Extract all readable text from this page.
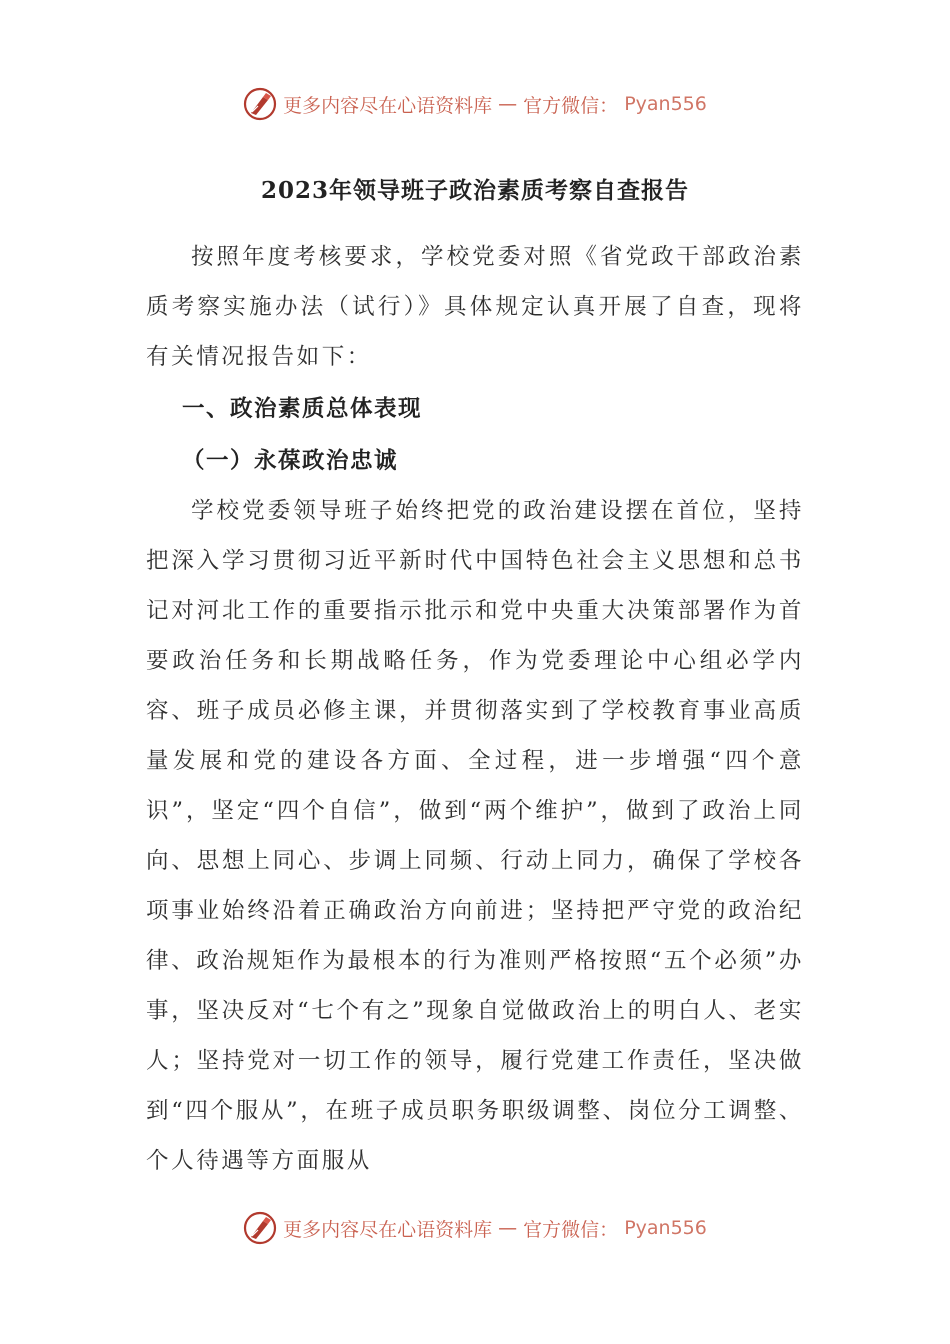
更多内容尽在心语资料库 — 官方微信： Pyan556
2023年领导班子政治素质考察自查报告

按照年度考核要求，学校党委对照《省党政干部政治素质考察实施办法（试行）》具体规定认真开展了自查，现将有关情况报告如下：

一、政治素质总体表现

（一）永葆政治忠诚

学校党委领导班子始终把党的政治建设摆在首位，坚持把深入学习贯彻习近平新时代中国特色社会主义思想和总书记对河北工作的重要指示批示和党中央重大决策部署作为首要政治任务和长期战略任务，作为党委理论中心组必学内容、班子成员必修主课，并贯彻落实到了学校教育事业高质量发展和党的建设各方面、全过程，进一步增强“四个意识”，坚定“四个自信”，做到“两个维护”，做到了政治上同向、思想上同心、步调上同频、行动上同力，确保了学校各项事业始终沿着正确政治方向前进；坚持把严守党的政治纪律、政治规矩作为最根本的行为准则严格按照“五个必须”办事，坚决反对“七个有之”现象自觉做政治上的明白人、老实人；坚持党对一切工作的领导，履行党建工作责任，坚决做到“四个服从”，在班子成员职务职级调整、岗位分工调整、个人待遇等方面服从

更多内容尽在心语资料库 — 官方微信： Pyan556
